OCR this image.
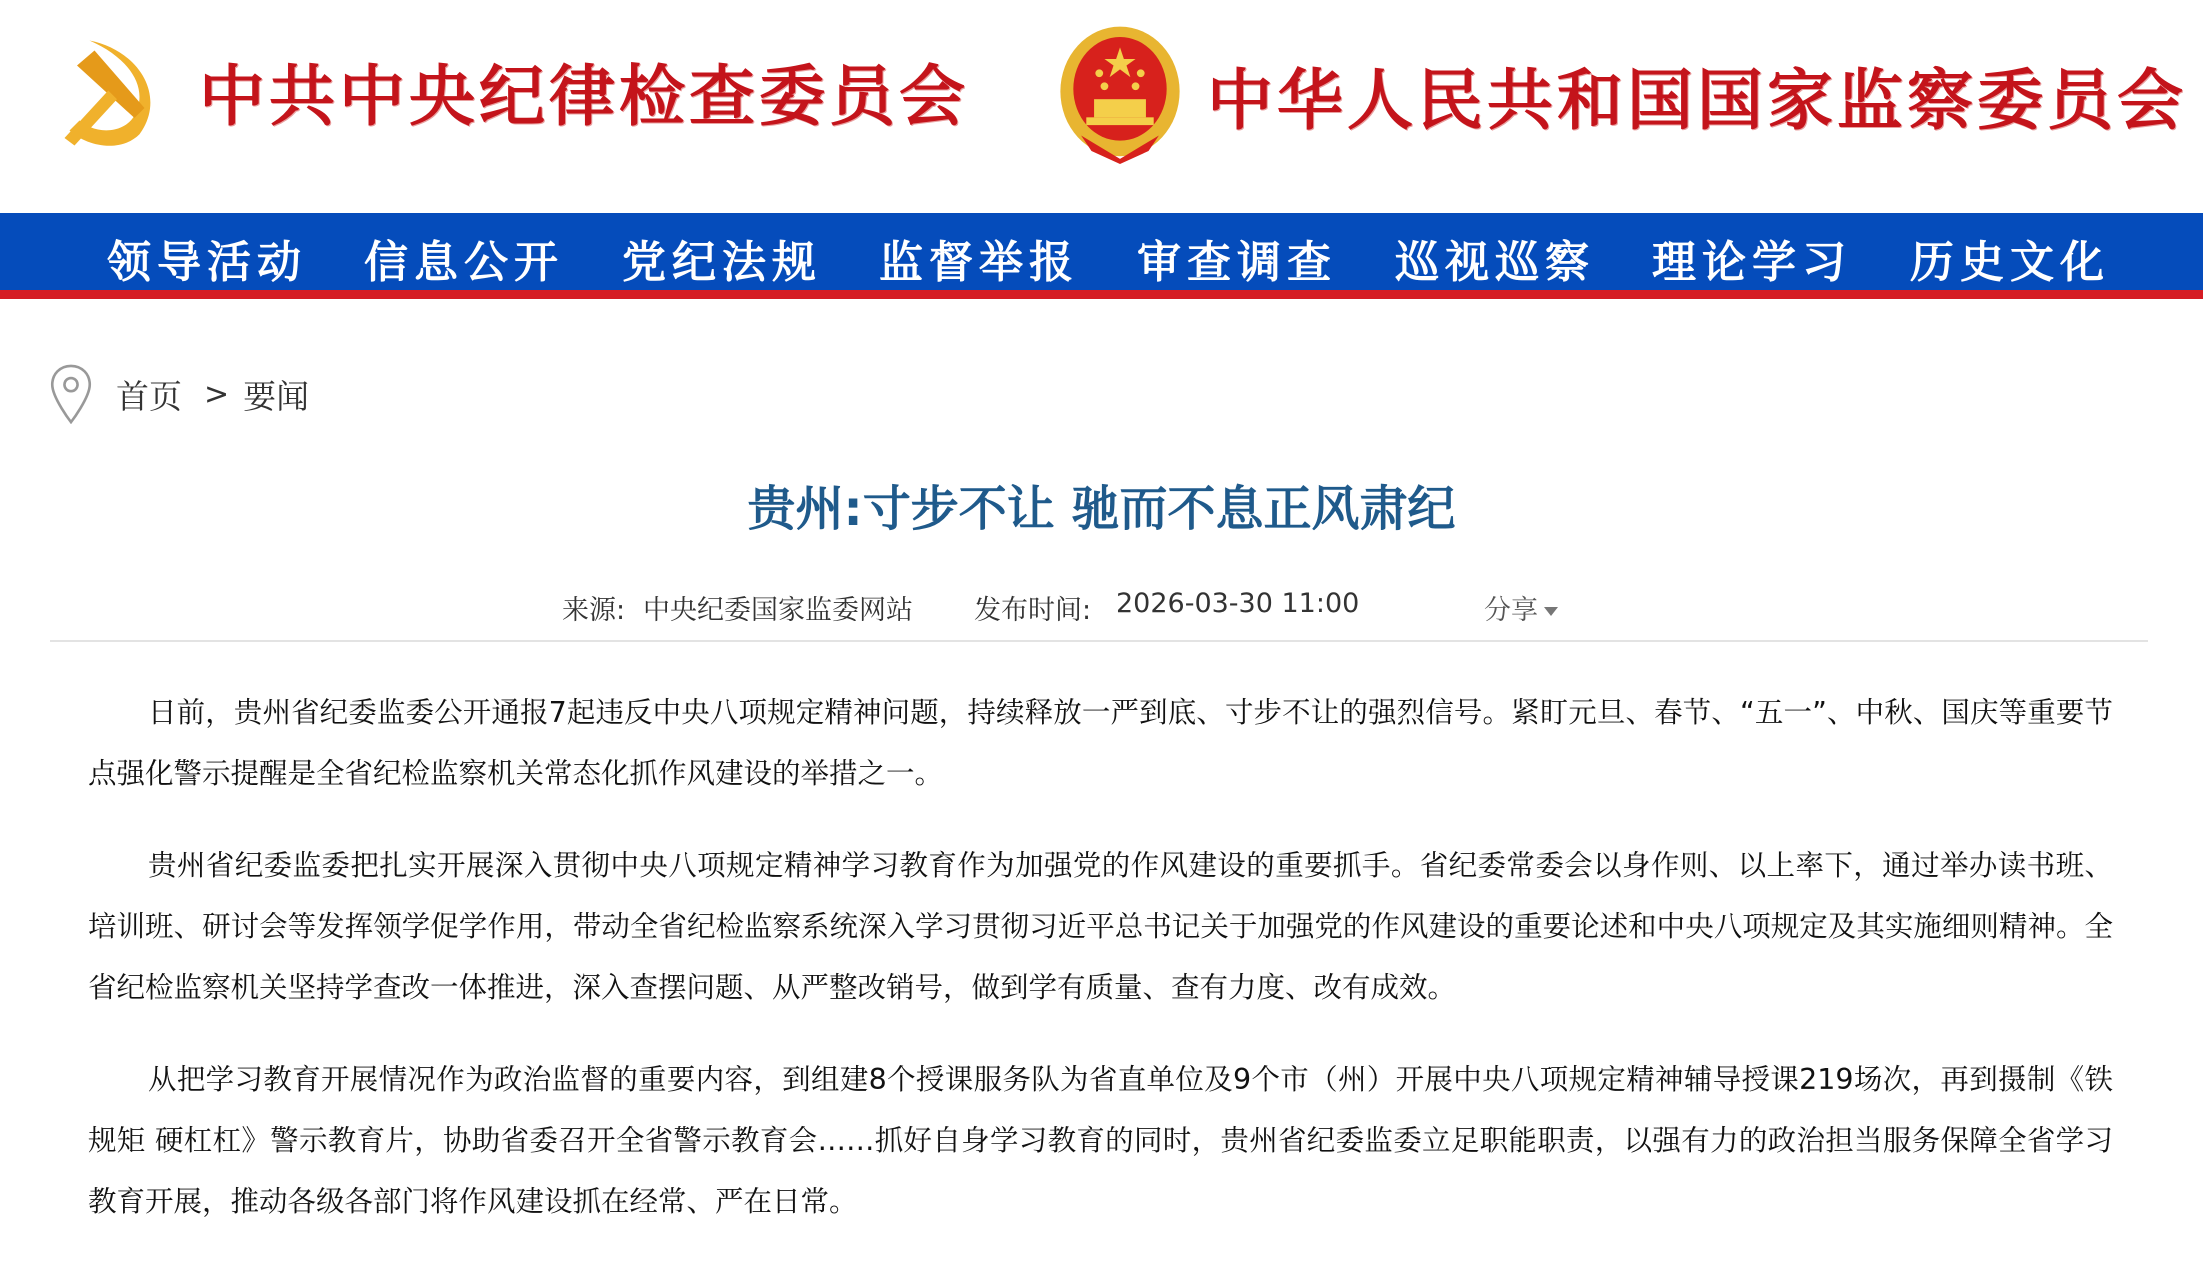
中共中央纪律检查委员会	中华人民共和国国家监察委员会
领导活动 信息公开 党纪法规 监督举报 审查调查 巡视巡察 理论学习 历史文化
首页 > 要闻
贵州:寸步不让 驰而不息正风肃纪
来源: 中央纪委国家监委网站 发布时间: 2026-03-30 11:00	分享

日前，贵州省纪委监委公开通报7起违反中央八项规定精神问题，持续释放一严到底、寸步不让的强烈信号。紧盯元旦、春节、“五一”、中秋、国庆等重要节点强化警示提醒是全省纪检监察机关常态化抓作风建设的举措之一。

贵州省纪委监委把扎实开展深入贯彻中央八项规定精神学习教育作为加强党的作风建设的重要抓手。省纪委常委会以身作则、以上率下，通过举办读书班、培训班、研讨会等发挥领学促学作用，带动全省纪检监察系统深入学习贯彻习近平总书记关于加强党的作风建设的重要论述和中央八项规定及其实施细则精神。全省纪检监察机关坚持学查改一体推进，深入查摆问题、从严整改销号，做到学有质量、查有力度、改有成效。

从把学习教育开展情况作为政治监督的重要内容，到组建8个授课服务队为省直单位及9个市（州）开展中央八项规定精神辅导授课219场次，再到摄制《铁规矩 硬杠杠》警示教育片，协助省委召开全省警示教育会……抓好自身学习教育的同时，贵州省纪委监委立足职能职责，以强有力的政治担当服务保障全省学习教育开展，推动各级各部门将作风建设抓在经常、严在日常。
